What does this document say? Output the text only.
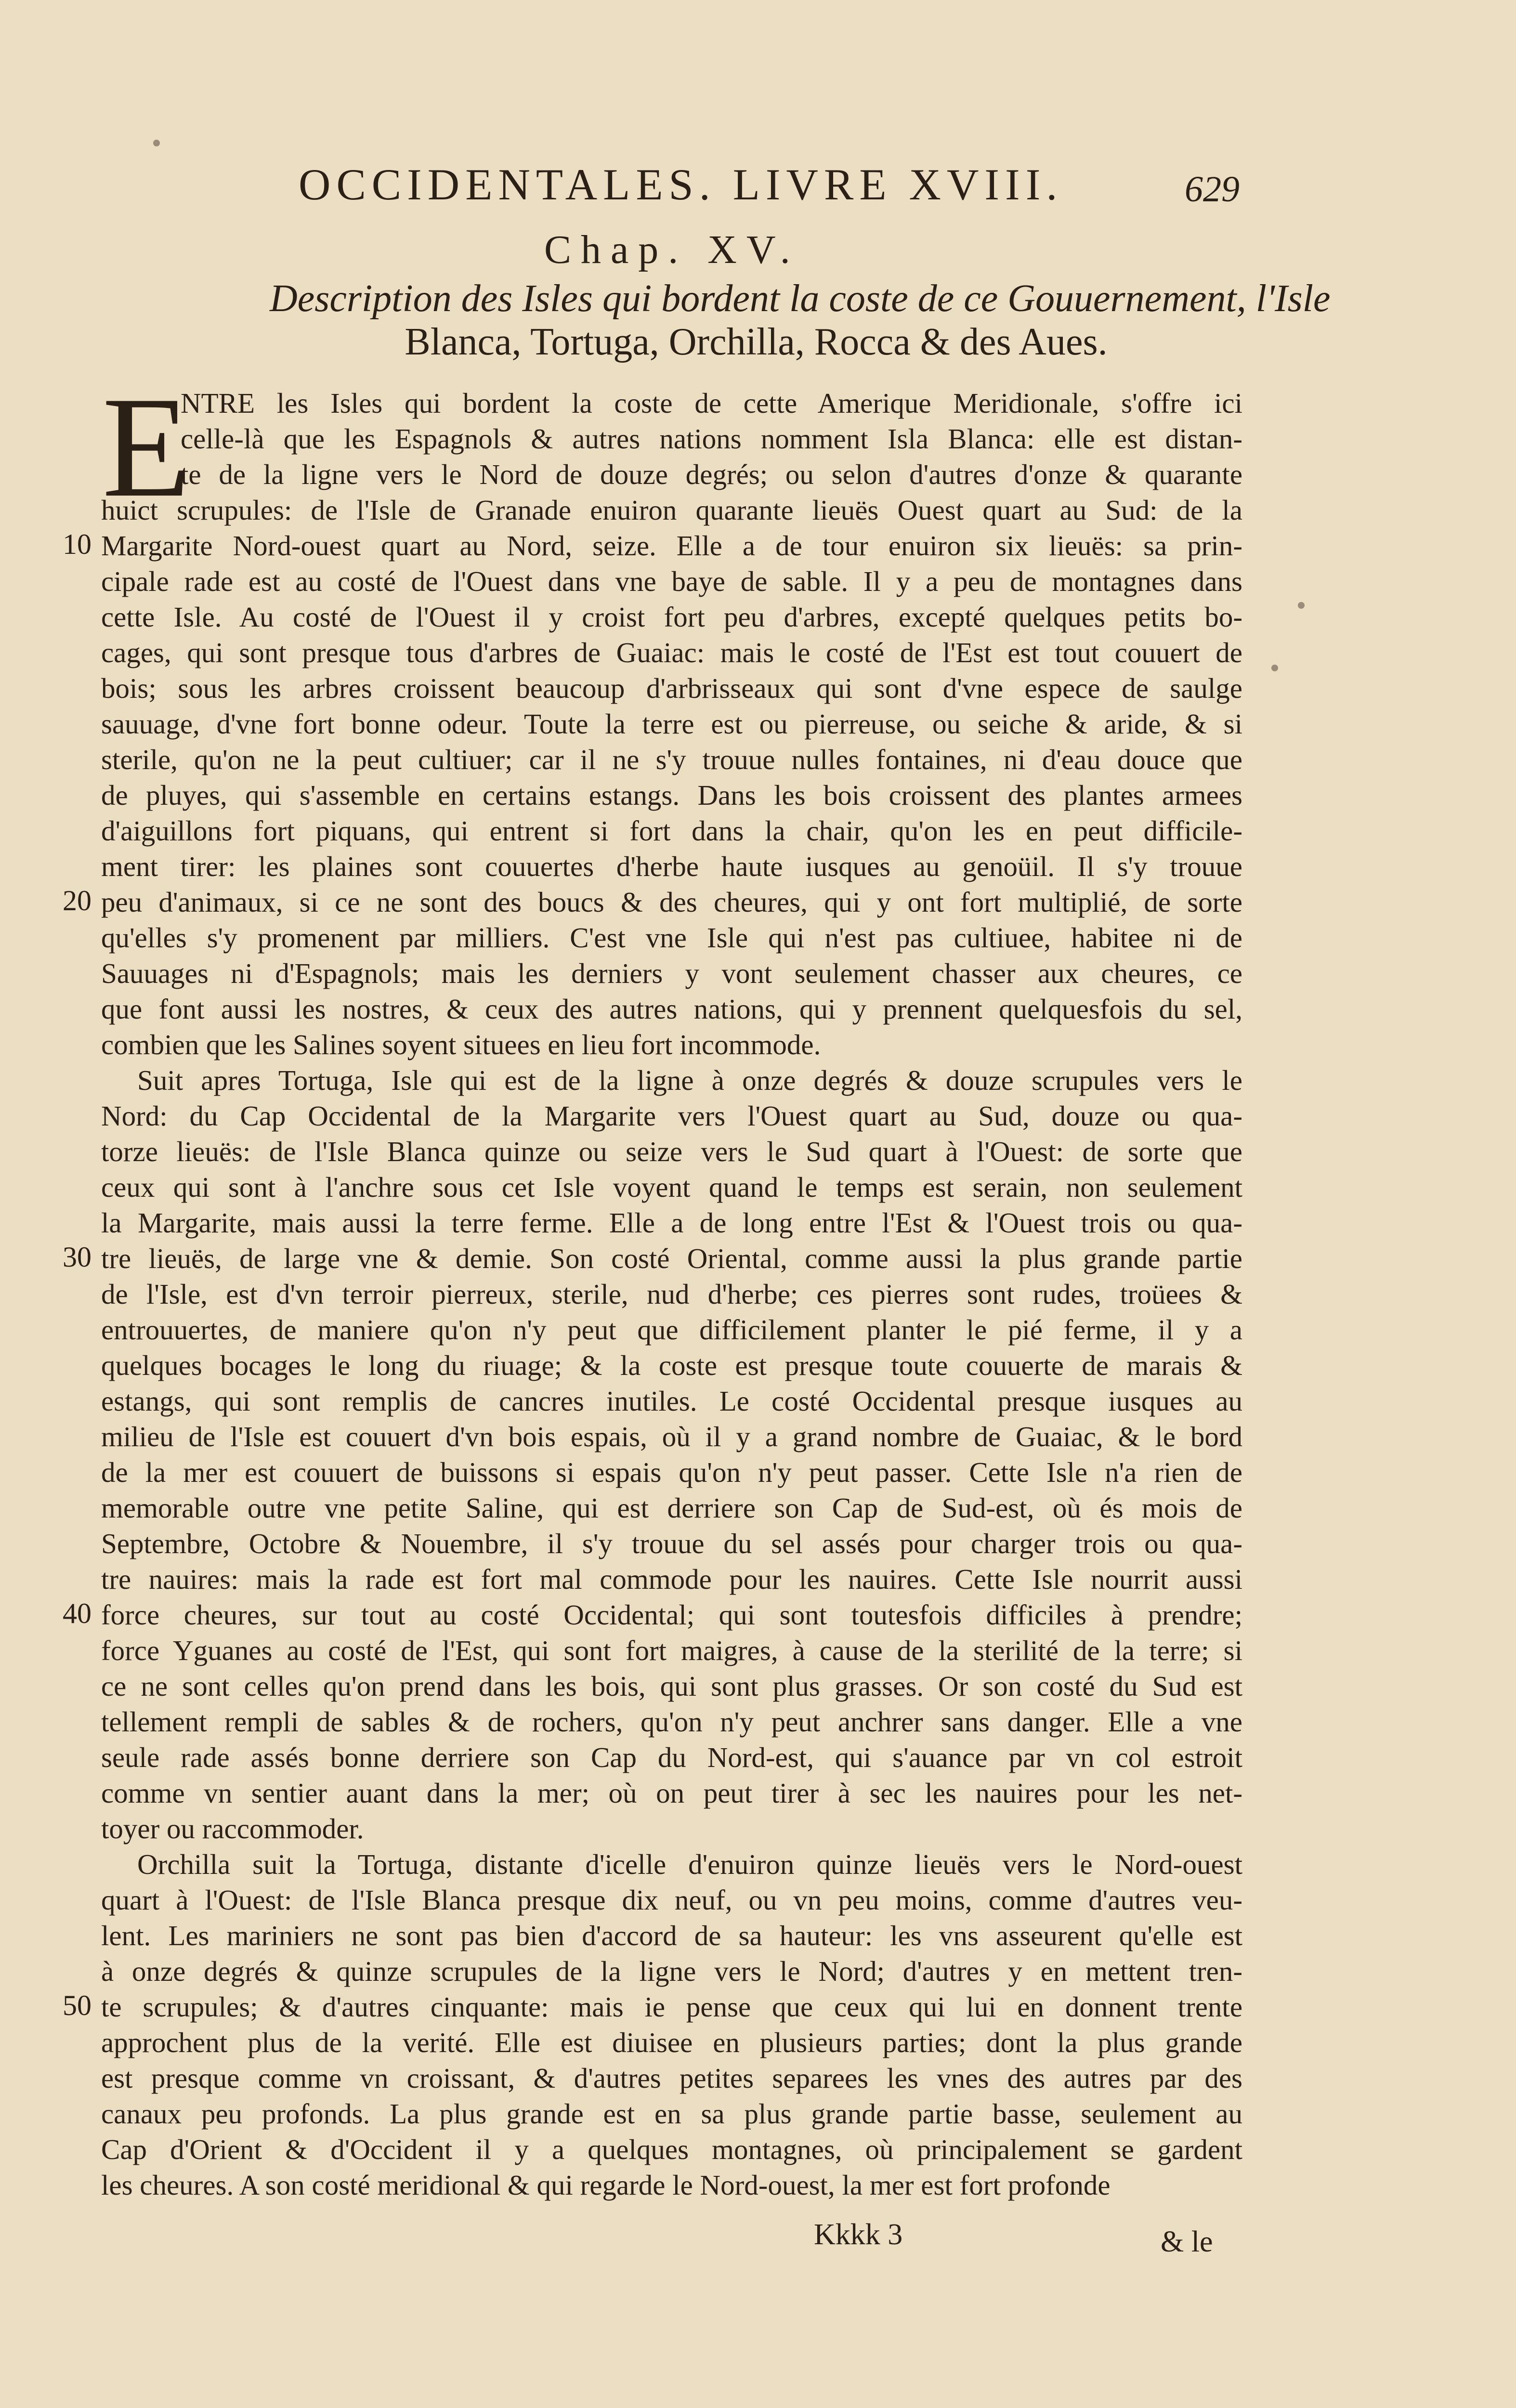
OCCIDENTALES. LIVRE XVIII.	629
Chap. XV.
Description des Isles qui bordent la coste de ce Gouuernement, l'Isle
Blanca, Tortuga, Orchilla, Rocca & des Aues.
E
NTRE les Isles qui bordent la coste de cette Amerique Meridionale, s'offre ici
celle-là que les Espagnols & autres nations nomment Isla Blanca: elle est distan-
te de la ligne vers le Nord de douze degrés; ou selon d'autres d'onze & quarante
huict scrupules: de l'Isle de Granade enuiron quarante lieuës Ouest quart au Sud: de la
Margarite Nord-ouest quart au Nord, seize. Elle a de tour enuiron six lieuës: sa prin-
cipale rade est au costé de l'Ouest dans vne baye de sable. Il y a peu de montagnes dans
cette Isle. Au costé de l'Ouest il y croist fort peu d'arbres, excepté quelques petits bo-
cages, qui sont presque tous d'arbres de Guaiac: mais le costé de l'Est est tout couuert de
bois; sous les arbres croissent beaucoup d'arbrisseaux qui sont d'vne espece de saulge
sauuage, d'vne fort bonne odeur. Toute la terre est ou pierreuse, ou seiche & aride, & si
sterile, qu'on ne la peut cultiuer; car il ne s'y trouue nulles fontaines, ni d'eau douce que
de pluyes, qui s'assemble en certains estangs. Dans les bois croissent des plantes armees
d'aiguillons fort piquans, qui entrent si fort dans la chair, qu'on les en peut difficile-
ment tirer: les plaines sont couuertes d'herbe haute iusques au genoüil. Il s'y trouue
peu d'animaux, si ce ne sont des boucs & des cheures, qui y ont fort multiplié, de sorte
qu'elles s'y promenent par milliers. C'est vne Isle qui n'est pas cultiuee, habitee ni de
Sauuages ni d'Espagnols; mais les derniers y vont seulement chasser aux cheures, ce
que font aussi les nostres, & ceux des autres nations, qui y prennent quelquesfois du sel,
combien que les Salines soyent situees en lieu fort incommode.
Suit apres Tortuga, Isle qui est de la ligne à onze degrés & douze scrupules vers le
Nord: du Cap Occidental de la Margarite vers l'Ouest quart au Sud, douze ou qua-
torze lieuës: de l'Isle Blanca quinze ou seize vers le Sud quart à l'Ouest: de sorte que
ceux qui sont à l'anchre sous cet Isle voyent quand le temps est serain, non seulement
la Margarite, mais aussi la terre ferme. Elle a de long entre l'Est & l'Ouest trois ou qua-
tre lieuës, de large vne & demie. Son costé Oriental, comme aussi la plus grande partie
de l'Isle, est d'vn terroir pierreux, sterile, nud d'herbe; ces pierres sont rudes, troüees &
entrouuertes, de maniere qu'on n'y peut que difficilement planter le pié ferme, il y a
quelques bocages le long du riuage; & la coste est presque toute couuerte de marais &
estangs, qui sont remplis de cancres inutiles. Le costé Occidental presque iusques au
milieu de l'Isle est couuert d'vn bois espais, où il y a grand nombre de Guaiac, & le bord
de la mer est couuert de buissons si espais qu'on n'y peut passer. Cette Isle n'a rien de
memorable outre vne petite Saline, qui est derriere son Cap de Sud-est, où és mois de
Septembre, Octobre & Nouembre, il s'y trouue du sel assés pour charger trois ou qua-
tre nauires: mais la rade est fort mal commode pour les nauires. Cette Isle nourrit aussi
force cheures, sur tout au costé Occidental; qui sont toutesfois difficiles à prendre;
force Yguanes au costé de l'Est, qui sont fort maigres, à cause de la sterilité de la terre; si
ce ne sont celles qu'on prend dans les bois, qui sont plus grasses. Or son costé du Sud est
tellement rempli de sables & de rochers, qu'on n'y peut anchrer sans danger. Elle a vne
seule rade assés bonne derriere son Cap du Nord-est, qui s'auance par vn col estroit
comme vn sentier auant dans la mer; où on peut tirer à sec les nauires pour les net-
toyer ou raccommoder.
Orchilla suit la Tortuga, distante d'icelle d'enuiron quinze lieuës vers le Nord-ouest
quart à l'Ouest: de l'Isle Blanca presque dix neuf, ou vn peu moins, comme d'autres veu-
lent. Les mariniers ne sont pas bien d'accord de sa hauteur: les vns asseurent qu'elle est
à onze degrés & quinze scrupules de la ligne vers le Nord; d'autres y en mettent tren-
te scrupules; & d'autres cinquante: mais ie pense que ceux qui lui en donnent trente
approchent plus de la verité. Elle est diuisee en plusieurs parties; dont la plus grande
est presque comme vn croissant, & d'autres petites separees les vnes des autres par des
canaux peu profonds. La plus grande est en sa plus grande partie basse, seulement au
Cap d'Orient & d'Occident il y a quelques montagnes, où principalement se gardent
les cheures. A son costé meridional & qui regarde le Nord-ouest, la mer est fort profonde
10
20
30
40
50
Kkkk 3	& le
